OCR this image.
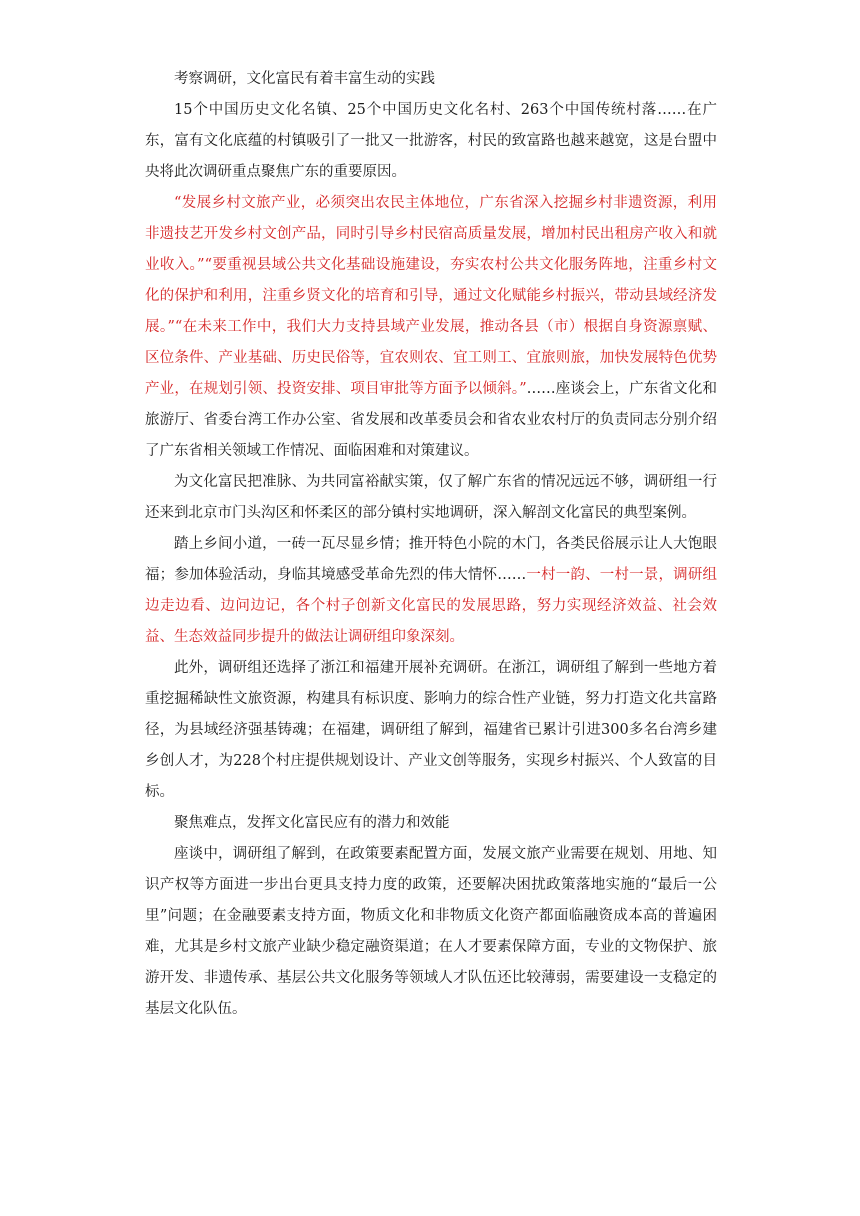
考察调研，文化富民有着丰富生动的实践

15个中国历史文化名镇、25个中国历史文化名村、263个中国传统村落……在广东，富有文化底蕴的村镇吸引了一批又一批游客，村民的致富路也越来越宽，这是台盟中央将此次调研重点聚焦广东的重要原因。

“发展乡村文旅产业，必须突出农民主体地位，广东省深入挖掘乡村非遗资源，利用非遗技艺开发乡村文创产品，同时引导乡村民宿高质量发展，增加村民出租房产收入和就业收入。”“要重视县域公共文化基础设施建设，夯实农村公共文化服务阵地，注重乡村文化的保护和利用，注重乡贤文化的培育和引导，通过文化赋能乡村振兴，带动县域经济发展。”“在未来工作中，我们大力支持县域产业发展，推动各县（市）根据自身资源禀赋、区位条件、产业基础、历史民俗等，宜农则农、宜工则工、宜旅则旅，加快发展特色优势产业，在规划引领、投资安排、项目审批等方面予以倾斜。”……座谈会上，广东省文化和旅游厅、省委台湾工作办公室、省发展和改革委员会和省农业农村厅的负责同志分别介绍了广东省相关领域工作情况、面临困难和对策建议。

为文化富民把准脉、为共同富裕献实策，仅了解广东省的情况远远不够，调研组一行还来到北京市门头沟区和怀柔区的部分镇村实地调研，深入解剖文化富民的典型案例。

踏上乡间小道，一砖一瓦尽显乡情；推开特色小院的木门，各类民俗展示让人大饱眼福；参加体验活动，身临其境感受革命先烈的伟大情怀……一村一韵、一村一景，调研组边走边看、边问边记，各个村子创新文化富民的发展思路，努力实现经济效益、社会效益、生态效益同步提升的做法让调研组印象深刻。

此外，调研组还选择了浙江和福建开展补充调研。在浙江，调研组了解到一些地方着重挖掘稀缺性文旅资源，构建具有标识度、影响力的综合性产业链，努力打造文化共富路径，为县域经济强基铸魂；在福建，调研组了解到，福建省已累计引进300多名台湾乡建乡创人才，为228个村庄提供规划设计、产业文创等服务，实现乡村振兴、个人致富的目标。

聚焦难点，发挥文化富民应有的潜力和效能

座谈中，调研组了解到，在政策要素配置方面，发展文旅产业需要在规划、用地、知识产权等方面进一步出台更具支持力度的政策，还要解决困扰政策落地实施的“最后一公里”问题；在金融要素支持方面，物质文化和非物质文化资产都面临融资成本高的普遍困难，尤其是乡村文旅产业缺少稳定融资渠道；在人才要素保障方面，专业的文物保护、旅游开发、非遗传承、基层公共文化服务等领域人才队伍还比较薄弱，需要建设一支稳定的基层文化队伍。
